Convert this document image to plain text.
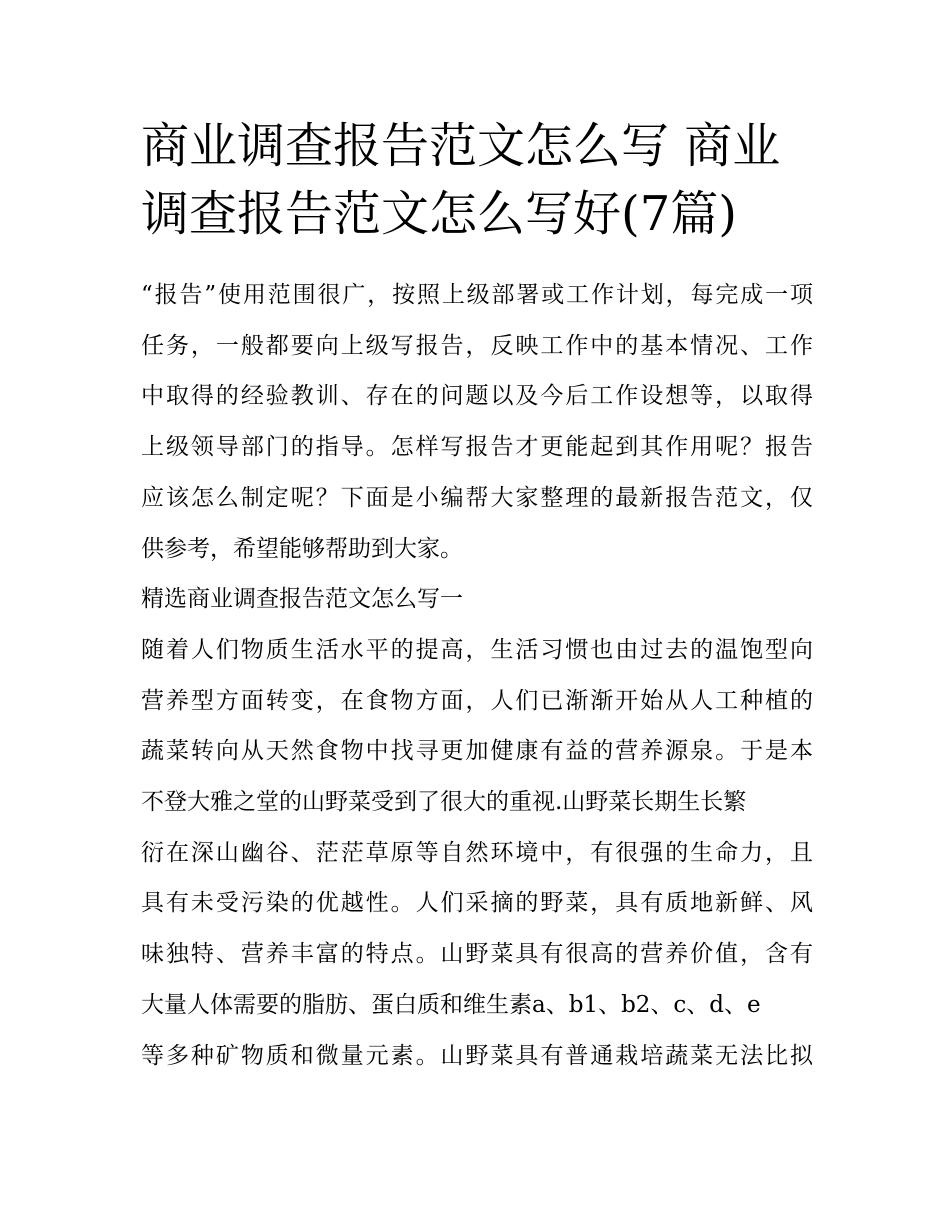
商业调查报告范文怎么写 商业
调查报告范文怎么写好(7篇)
“报告”使用范围很广，按照上级部署或工作计划，每完成一项
任务，一般都要向上级写报告，反映工作中的基本情况、工作
中取得的经验教训、存在的问题以及今后工作设想等，以取得
上级领导部门的指导。怎样写报告才更能起到其作用呢？报告
应该怎么制定呢？下面是小编帮大家整理的最新报告范文，仅
供参考，希望能够帮助到大家。
精选商业调查报告范文怎么写一
随着人们物质生活水平的提高，生活习惯也由过去的温饱型向
营养型方面转变，在食物方面，人们已渐渐开始从人工种植的
蔬菜转向从天然食物中找寻更加健康有益的营养源泉。于是本
不登大雅之堂的山野菜受到了很大的重视.山野菜长期生长繁
衍在深山幽谷、茫茫草原等自然环境中，有很强的生命力，且
具有未受污染的优越性。人们采摘的野菜，具有质地新鲜、风
味独特、营养丰富的特点。山野菜具有很高的营养价值，含有
大量人体需要的脂肪、蛋白质和维生素a、b1、b2、c、d、e
等多种矿物质和微量元素。山野菜具有普通栽培蔬菜无法比拟
